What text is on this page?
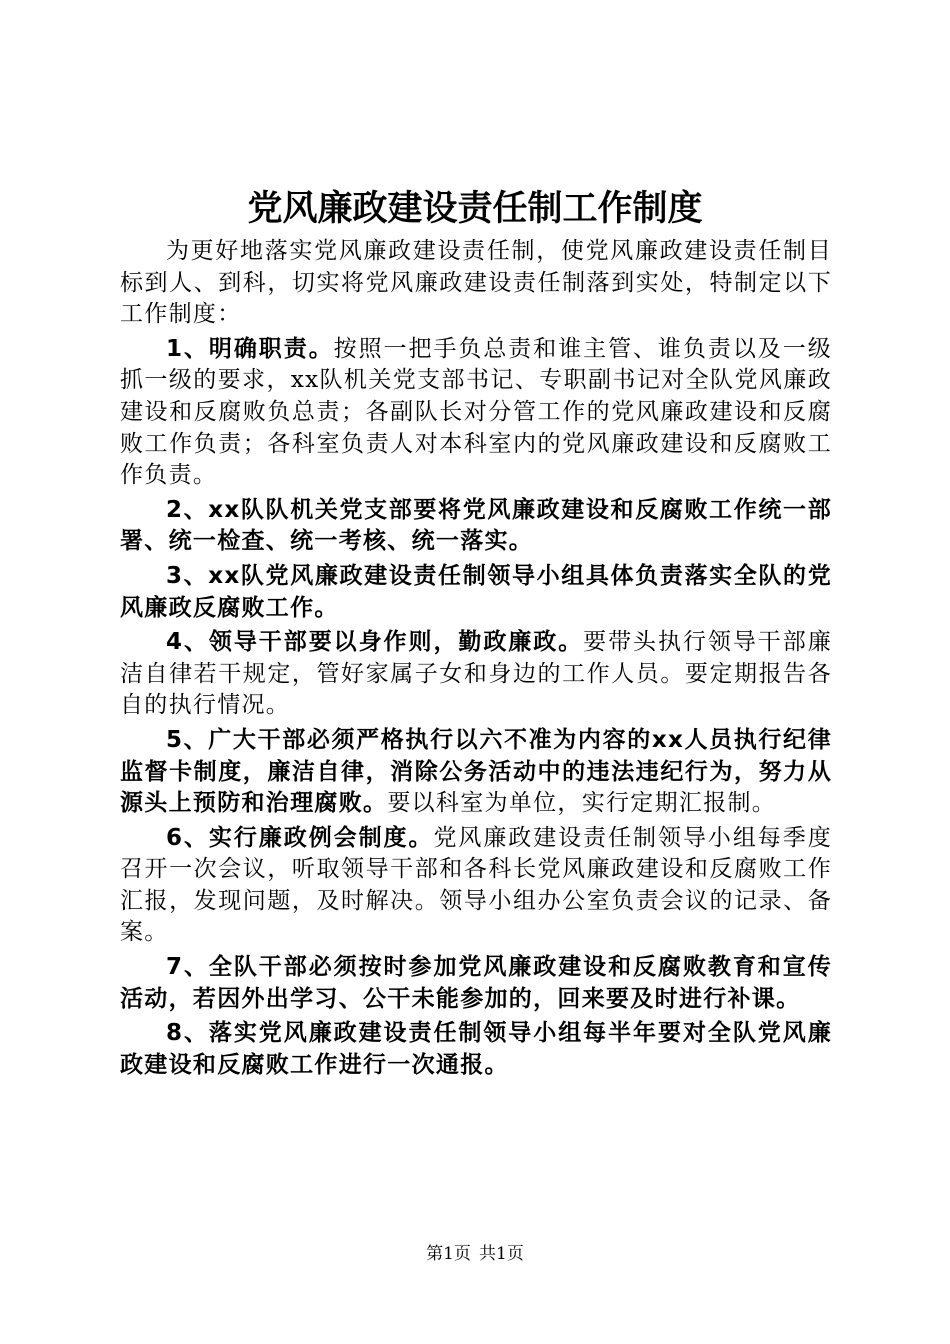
党风廉政建设责任制工作制度

为更好地落实党风廉政建设责任制，使党风廉政建设责任制目标到人、到科，切实将党风廉政建设责任制落到实处，特制定以下工作制度：

1、明确职责。按照一把手负总责和谁主管、谁负责以及一级抓一级的要求，xx队机关党支部书记、专职副书记对全队党风廉政建设和反腐败负总责；各副队长对分管工作的党风廉政建设和反腐败工作负责；各科室负责人对本科室内的党风廉政建设和反腐败工作负责。

2、xx队队机关党支部要将党风廉政建设和反腐败工作统一部署、统一检查、统一考核、统一落实。

3、xx队党风廉政建设责任制领导小组具体负责落实全队的党风廉政反腐败工作。

4、领导干部要以身作则，勤政廉政。要带头执行领导干部廉洁自律若干规定，管好家属子女和身边的工作人员。要定期报告各自的执行情况。

5、广大干部必须严格执行以六不准为内容的xx人员执行纪律监督卡制度，廉洁自律，消除公务活动中的违法违纪行为，努力从源头上预防和治理腐败。要以科室为单位，实行定期汇报制。

6、实行廉政例会制度。党风廉政建设责任制领导小组每季度召开一次会议，听取领导干部和各科长党风廉政建设和反腐败工作汇报，发现问题，及时解决。领导小组办公室负责会议的记录、备案。

7、全队干部必须按时参加党风廉政建设和反腐败教育和宣传活动，若因外出学习、公干未能参加的，回来要及时进行补课。

8、落实党风廉政建设责任制领导小组每半年要对全队党风廉政建设和反腐败工作进行一次通报。

第1页 共1页
